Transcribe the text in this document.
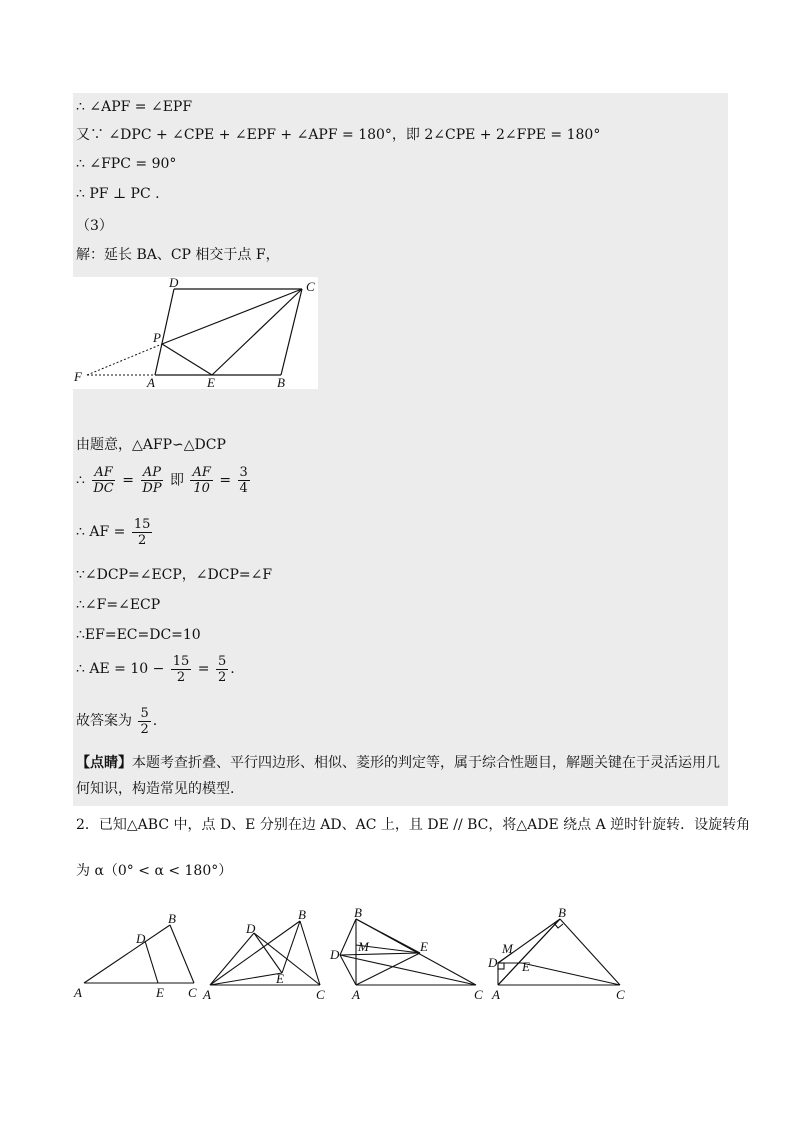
∴ ∠APF = ∠EPF
又∵ ∠DPC + ∠CPE + ∠EPF + ∠APF = 180°，即 2∠CPE + 2∠FPE = 180°
∴ ∠FPC = 90°
∴ PF ⊥ PC .
（3）
解：延长 BA、CP 相交于点 F，
D	C
P
F	A	E	B
由题意，△AFP∽△DCP
∴ $\frac{AF}{DC} = \frac{AP}{DP}$ 即 $\frac{AF}{10} = \frac{3}{4}$
∴ AF = $\frac{15}{2}$
∵∠DCP=∠ECP，∠DCP=∠F
∴∠F=∠ECP
∴EF=EC=DC=10
∴ AE = $10 - \frac{15}{2} = \frac{5}{2}$ .
故答案为 $\frac{5}{2}$ .
【点睛】本题考查折叠、平行四边形、相似、菱形的判定等，属于综合性题目，解题关键在于灵活运用几何知识，构造常见的模型.
2．已知△ABC 中，点 D、E 分别在边 AD、AC 上，且 DE // BC，将△ADE 绕点 A 逆时针旋转．设旋转角
为 α（0° < α < 180°）
A
B
C
D
E	A
B
C
D
E
A
B
C
D
E
M
A
B
C
D E
M
